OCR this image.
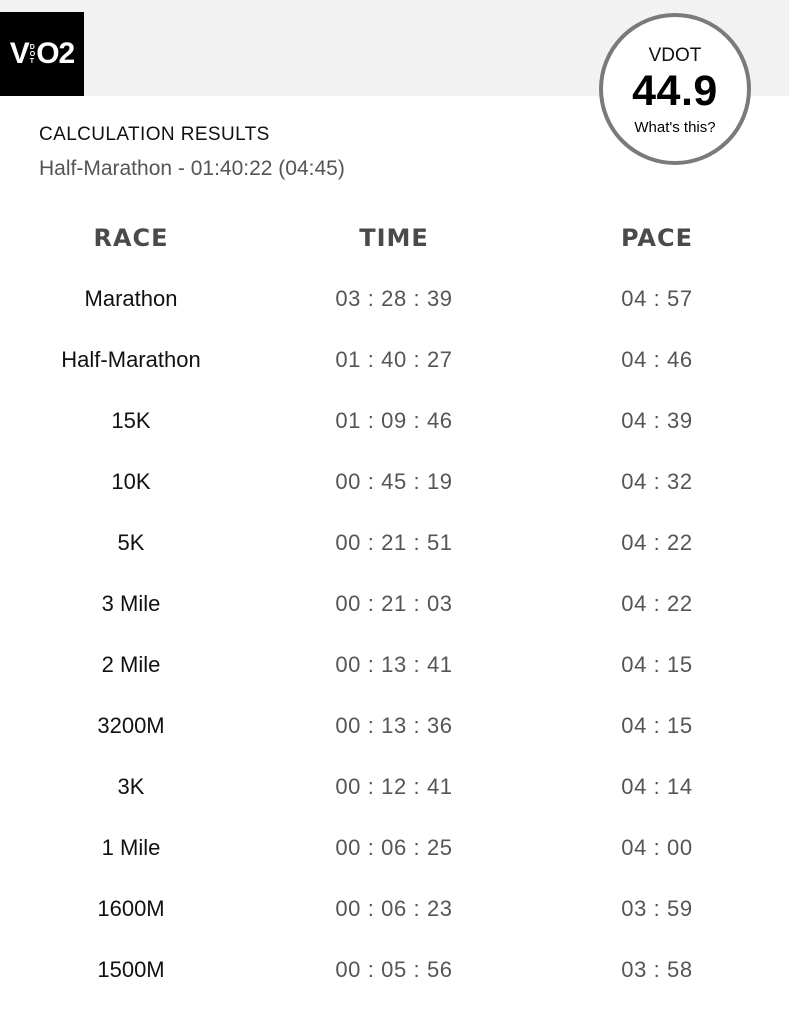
V D
O
T O2	VDOT
44.9
What's this?
CALCULATION RESULTS
Half-Marathon - 01:40:22 (04:45)
RACE	TIME	PACE
Marathon	03 : 28 : 39	04 : 57
Half-Marathon	01 : 40 : 27	04 : 46
15K	01 : 09 : 46	04 : 39
10K	00 : 45 : 19	04 : 32
5K	00 : 21 : 51	04 : 22
3 Mile	00 : 21 : 03	04 : 22
2 Mile	00 : 13 : 41	04 : 15
3200M	00 : 13 : 36	04 : 15
3K	00 : 12 : 41	04 : 14
1 Mile	00 : 06 : 25	04 : 00
1600M	00 : 06 : 23	03 : 59
1500M	00 : 05 : 56	03 : 58
